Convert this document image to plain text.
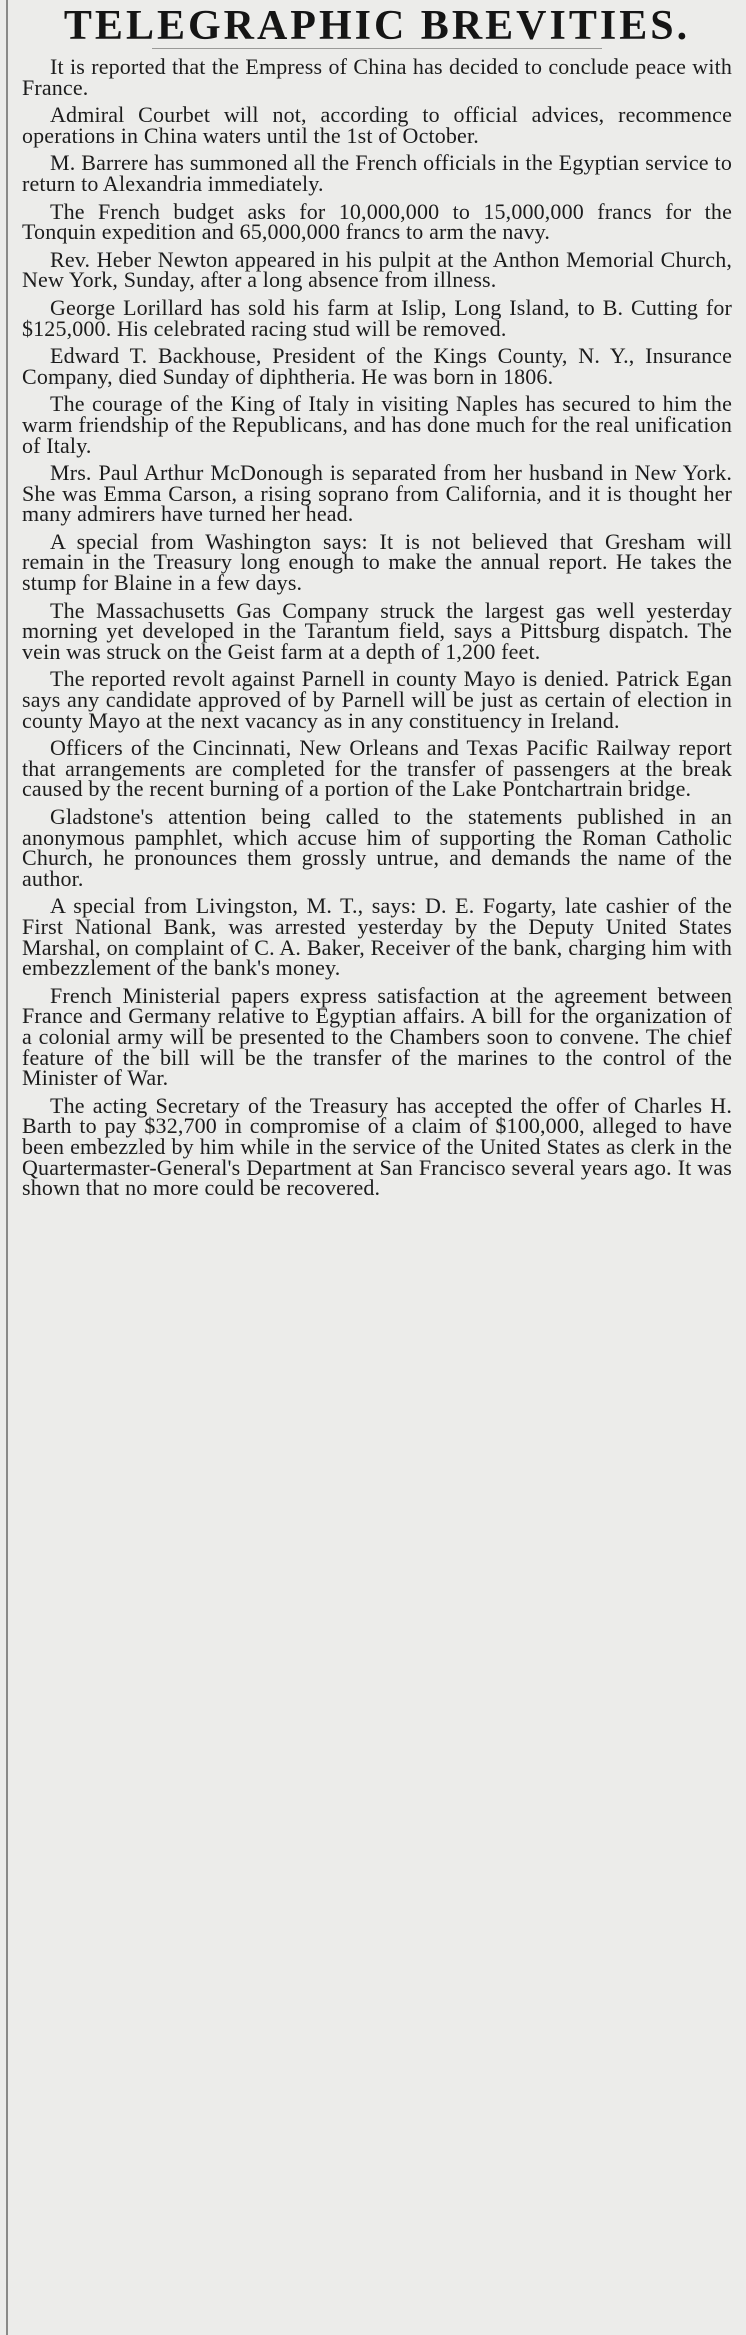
TELEGRAPHIC BREVITIES.

It is reported that the Empress of China has decided to conclude peace with France.

Admiral Courbet will not, according to official advices, recommence operations in China waters until the 1st of October.

M. Barrere has summoned all the French officials in the Egyptian service to return to Alexandria immediately.

The French budget asks for 10,000,000 to 15,000,000 francs for the Tonquin expedition and 65,000,000 francs to arm the navy.

Rev. Heber Newton appeared in his pulpit at the Anthon Memorial Church, New York, Sunday, after a long absence from illness.

George Lorillard has sold his farm at Islip, Long Island, to B. Cutting for $125,000. His celebrated racing stud will be removed.

Edward T. Backhouse, President of the Kings County, N. Y., Insurance Company, died Sunday of diphtheria. He was born in 1806.

The courage of the King of Italy in visiting Naples has secured to him the warm friendship of the Republicans, and has done much for the real unification of Italy.

Mrs. Paul Arthur McDonough is separated from her husband in New York. She was Emma Carson, a rising soprano from California, and it is thought her many admirers have turned her head.

A special from Washington says: It is not believed that Gresham will remain in the Treasury long enough to make the annual report. He takes the stump for Blaine in a few days.

The Massachusetts Gas Company struck the largest gas well yesterday morning yet developed in the Tarantum field, says a Pittsburg dispatch. The vein was struck on the Geist farm at a depth of 1,200 feet.

The reported revolt against Parnell in county Mayo is denied. Patrick Egan says any candidate approved of by Parnell will be just as certain of election in county Mayo at the next vacancy as in any constituency in Ireland.

Officers of the Cincinnati, New Orleans and Texas Pacific Railway report that arrangements are completed for the transfer of passengers at the break caused by the recent burning of a portion of the Lake Pontchartrain bridge.

Gladstone's attention being called to the statements published in an anonymous pamphlet, which accuse him of supporting the Roman Catholic Church, he pronounces them grossly untrue, and demands the name of the author.

A special from Livingston, M. T., says: D. E. Fogarty, late cashier of the First National Bank, was arrested yesterday by the Deputy United States Marshal, on complaint of C. A. Baker, Receiver of the bank, charging him with embezzlement of the bank's money.

French Ministerial papers express satisfaction at the agreement between France and Germany relative to Egyptian affairs. A bill for the organization of a colonial army will be presented to the Chambers soon to convene. The chief feature of the bill will be the transfer of the marines to the control of the Minister of War.

The acting Secretary of the Treasury has accepted the offer of Charles H. Barth to pay $32,700 in compromise of a claim of $100,000, alleged to have been embezzled by him while in the service of the United States as clerk in the Quartermaster-General's Department at San Francisco several years ago. It was shown that no more could be recovered.
